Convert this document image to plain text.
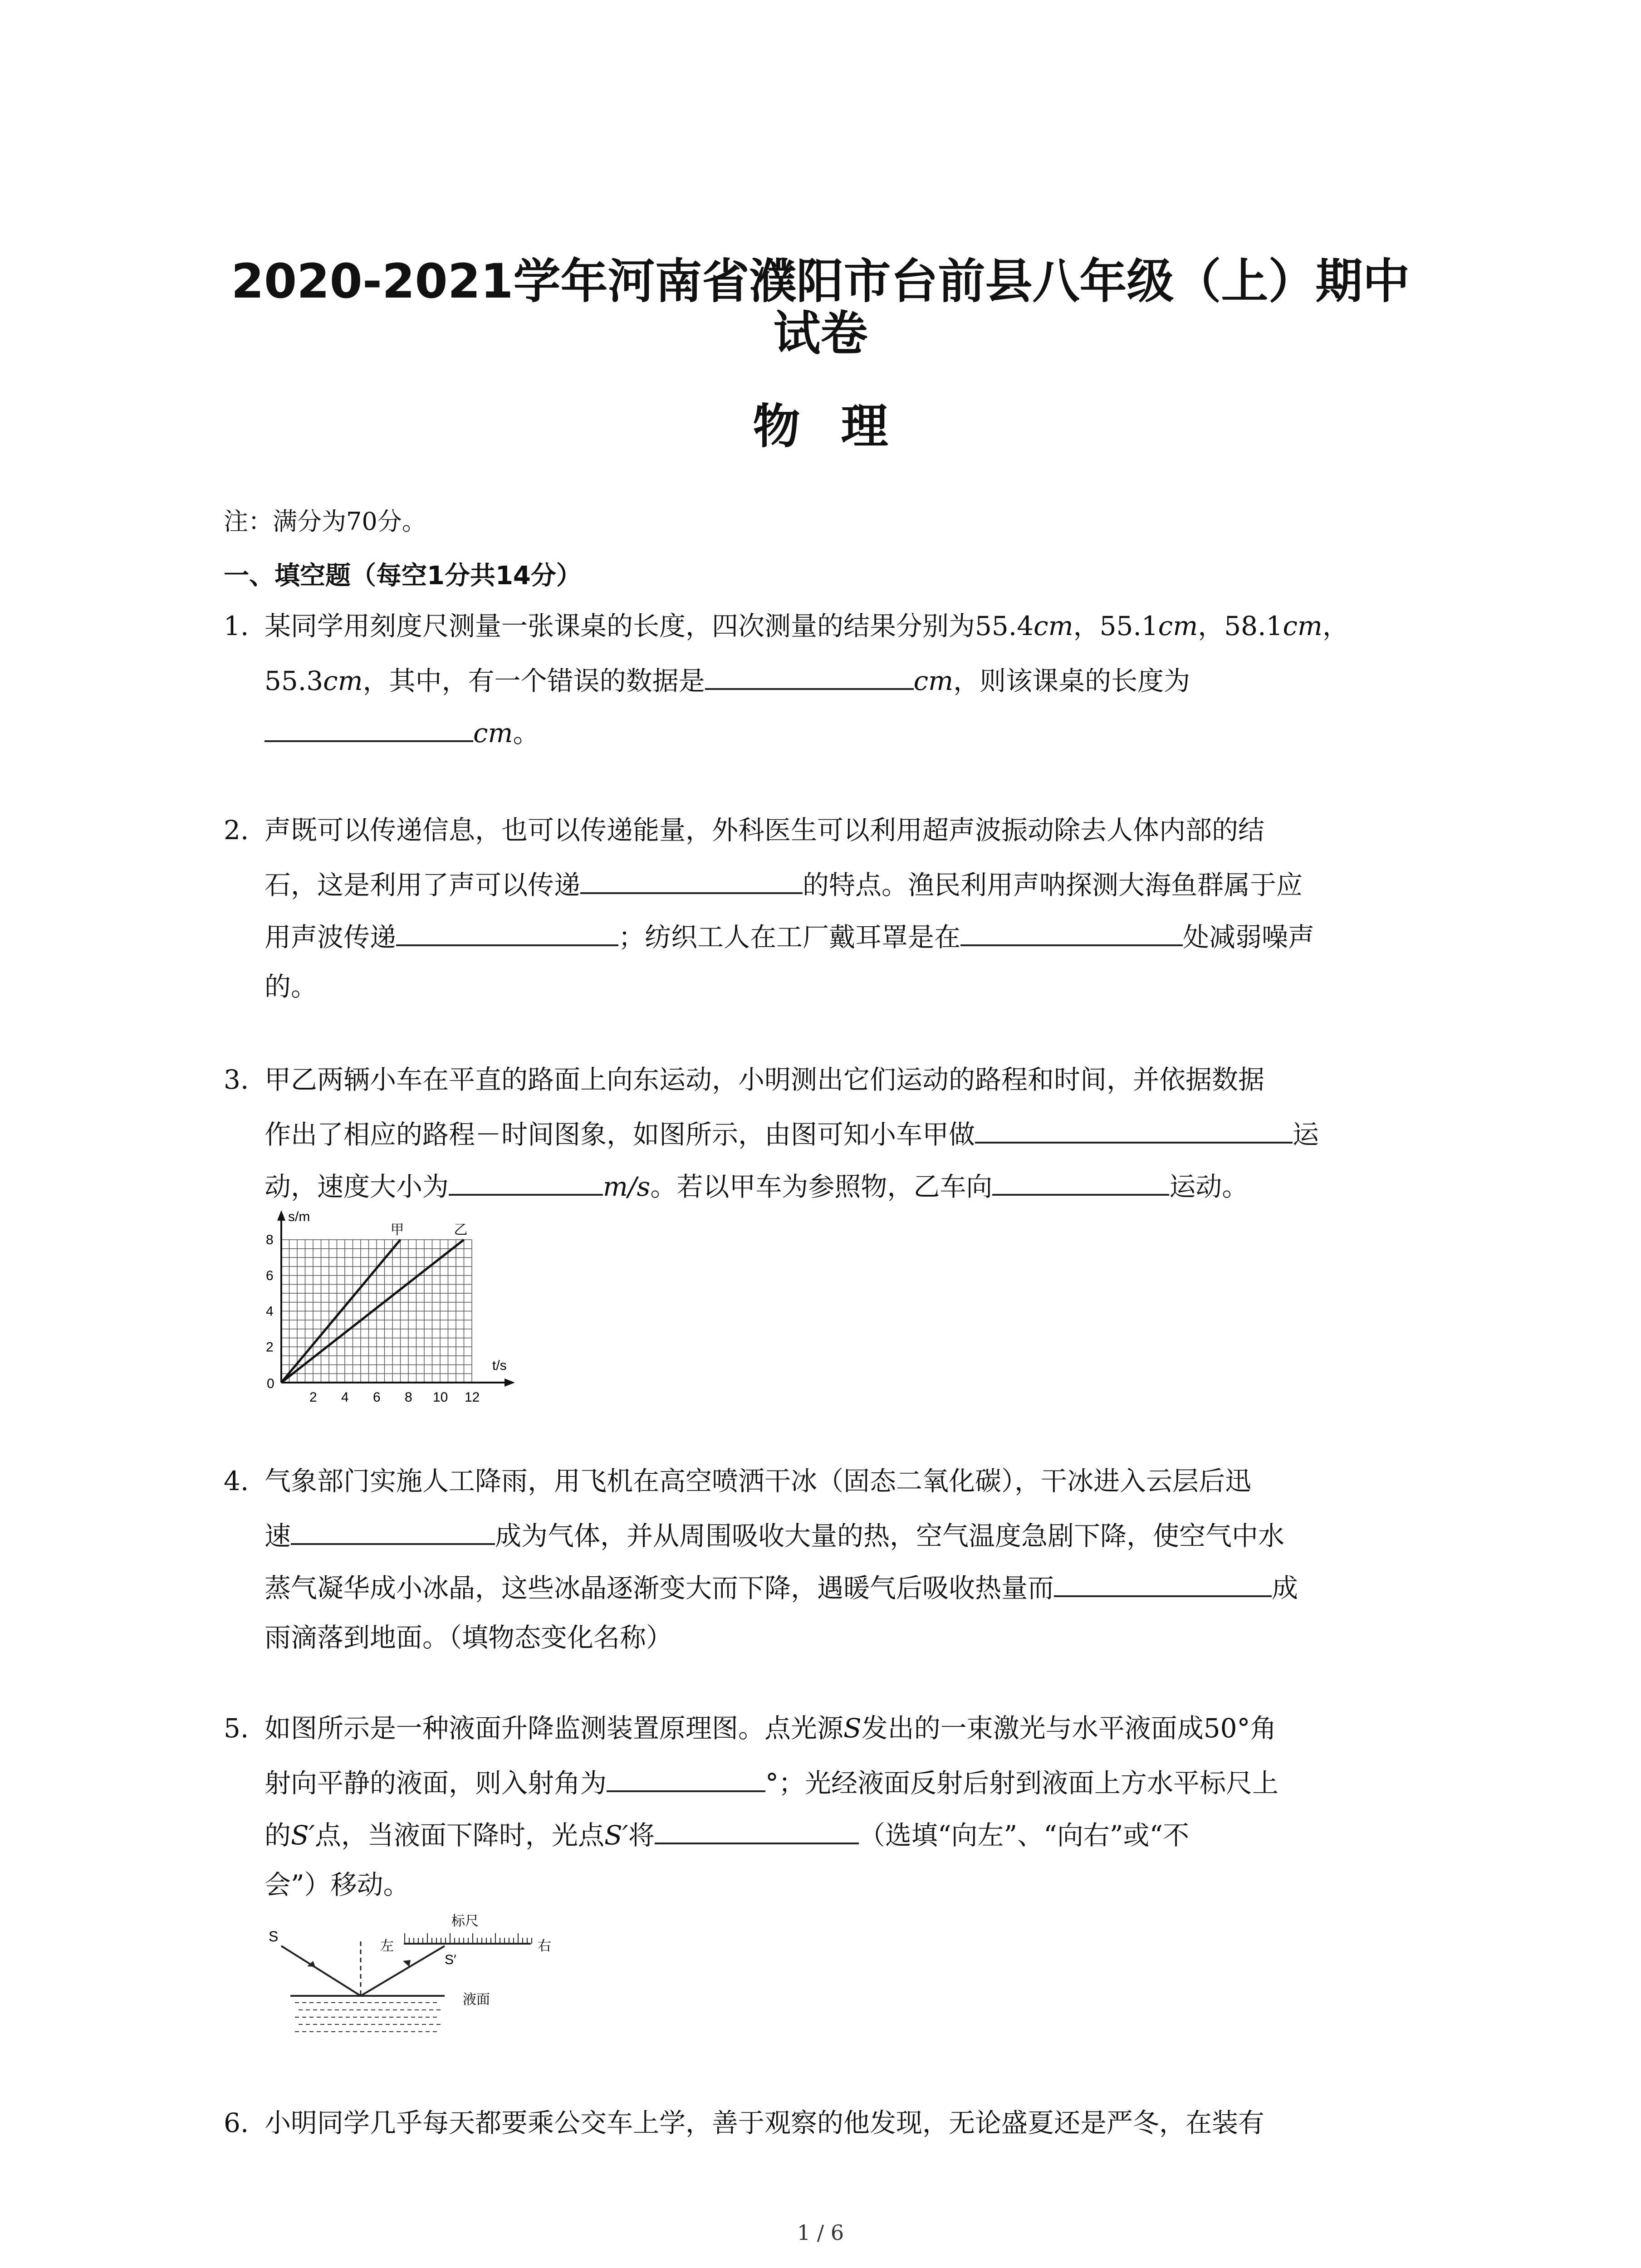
2020-2021学年河南省濮阳市台前县八年级（上）期中
试卷
物理
注：满分为70分。
一、填空题（每空1分共14分）
1. 某同学用刻度尺测量一张课桌的长度，四次测量的结果分别为55.4cm，55.1cm，58.1cm，
55.3cm，其中，有一个错误的数据是	cm，则该课桌的长度为
cm。
2. 声既可以传递信息，也可以传递能量，外科医生可以利用超声波振动除去人体内部的结
石，这是利用了声可以传递	的特点。渔民利用声呐探测大海鱼群属于应
用声波传递	；纺织工人在工厂戴耳罩是在	处减弱噪声
的。
3. 甲乙两辆小车在平直的路面上向东运动，小明测出它们运动的路程和时间，并依据数据
作出了相应的路程－时间图象，如图所示，由图可知小车甲做	运
动，速度大小为	m/s。若以甲车为参照物，乙车向	运动。
2 4 6 8 10 12
2
4
6
8
甲	乙
s/m
t/s
0
4. 气象部门实施人工降雨，用飞机在高空喷洒干冰（固态二氧化碳），干冰进入云层后迅
速	成为气体，并从周围吸收大量的热，空气温度急剧下降，使空气中水
蒸气凝华成小冰晶，这些冰晶逐渐变大而下降，遇暖气后吸收热量而	成
雨滴落到地面。（填物态变化名称）
5. 如图所示是一种液面升降监测装置原理图。点光源S发出的一束激光与水平液面成50°角
射向平静的液面，则入射角为	°；光经液面反射后射到液面上方水平标尺上
的S′点，当液面下降时，光点S′将	（选填“向左”、“向右”或“不
会”）移动。
标尺
左	右
S
S′
液面
6. 小明同学几乎每天都要乘公交车上学，善于观察的他发现，无论盛夏还是严冬，在装有
1 / 6
